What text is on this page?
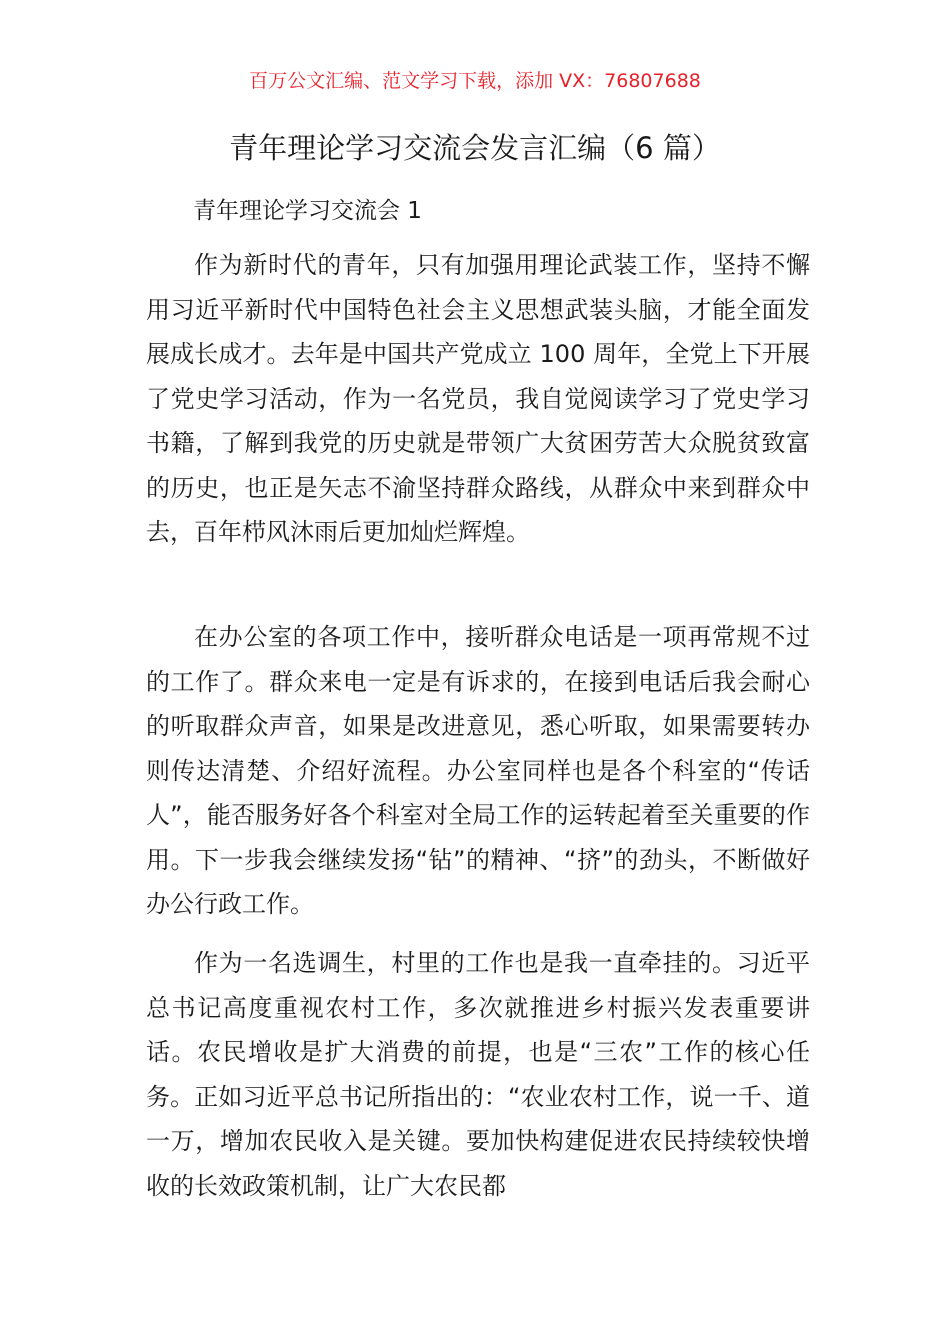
百万公文汇编、范文学习下载，添加 VX：76807688
青年理论学习交流会发言汇编（6 篇）
青年理论学习交流会 1

作为新时代的青年，只有加强用理论武装工作，坚持不懈用习近平新时代中国特色社会主义思想武装头脑，才能全面发展成长成才。去年是中国共产党成立 100 周年，全党上下开展了党史学习活动，作为一名党员，我自觉阅读学习了党史学习书籍，了解到我党的历史就是带领广大贫困劳苦大众脱贫致富的历史，也正是矢志不渝坚持群众路线，从群众中来到群众中去，百年栉风沐雨后更加灿烂辉煌。

在办公室的各项工作中，接听群众电话是一项再常规不过的工作了。群众来电一定是有诉求的，在接到电话后我会耐心的听取群众声音，如果是改进意见，悉心听取，如果需要转办则传达清楚、介绍好流程。办公室同样也是各个科室的“传话人”，能否服务好各个科室对全局工作的运转起着至关重要的作用。下一步我会继续发扬“钻”的精神、“挤”的劲头，不断做好办公行政工作。

作为一名选调生，村里的工作也是我一直牵挂的。习近平总书记高度重视农村工作，多次就推进乡村振兴发表重要讲话。农民增收是扩大消费的前提，也是“三农”工作的核心任务。正如习近平总书记所指出的：“农业农村工作，说一千、道一万，增加农民收入是关键。要加快构建促进农民持续较快增收的长效政策机制，让广大农民都
